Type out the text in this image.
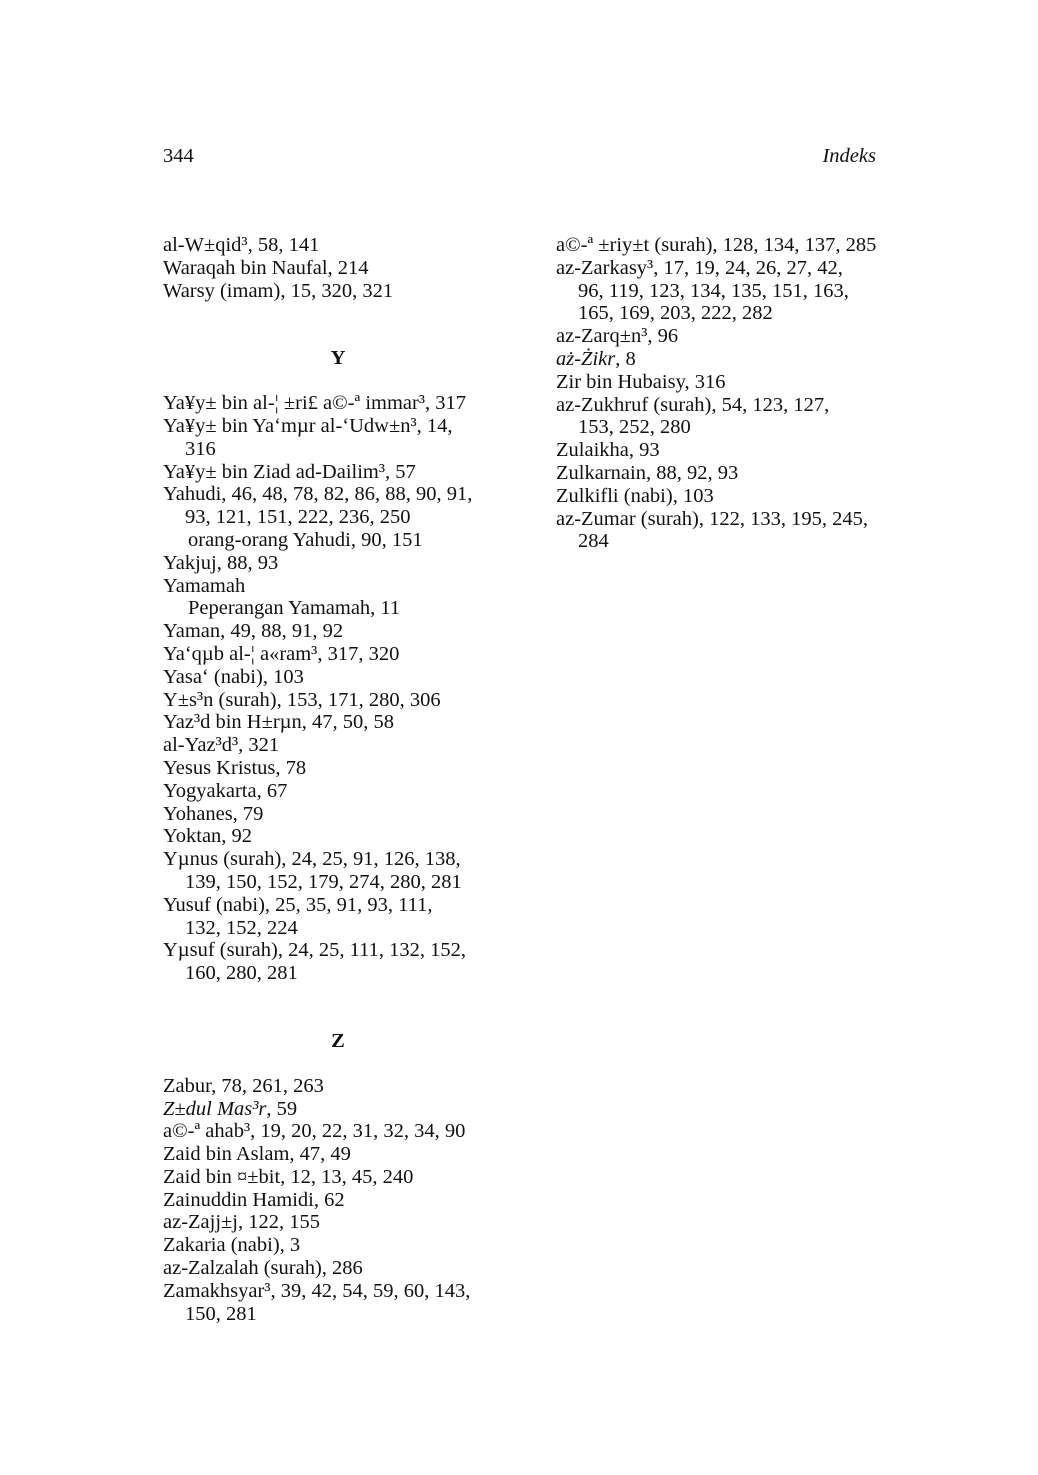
344	Indeks
al-W±qid³, 58, 141
Waraqah bin Naufal, 214
Warsy (imam), 15, 320, 321
Y
Ya¥y± bin al-¦ ±ri£ a©-ª immar³, 317
Ya¥y± bin Ya‘mµr al-‘Udw±n³, 14,
316
Ya¥y± bin Ziad ad-Dailim³, 57
Yahudi, 46, 48, 78, 82, 86, 88, 90, 91,
93, 121, 151, 222, 236, 250
orang-orang Yahudi, 90, 151
Yakjuj, 88, 93
Yamamah
Peperangan Yamamah, 11
Yaman, 49, 88, 91, 92
Ya‘qµb al-¦ a«ram³, 317, 320
Yasa‘ (nabi), 103
Y±s³n (surah), 153, 171, 280, 306
Yaz³d bin H±rµn, 47, 50, 58
al-Yaz³d³, 321
Yesus Kristus, 78
Yogyakarta, 67
Yohanes, 79
Yoktan, 92
Yµnus (surah), 24, 25, 91, 126, 138,
139, 150, 152, 179, 274, 280, 281
Yusuf (nabi), 25, 35, 91, 93, 111,
132, 152, 224
Yµsuf (surah), 24, 25, 111, 132, 152,
160, 280, 281
Z
Zabur, 78, 261, 263
Z±dul Mas³r, 59
a©-ª ahab³, 19, 20, 22, 31, 32, 34, 90
Zaid bin Aslam, 47, 49
Zaid bin ¤±bit, 12, 13, 45, 240
Zainuddin Hamidi, 62
az-Zajj±j, 122, 155
Zakaria (nabi), 3
az-Zalzalah (surah), 286
Zamakhsyar³, 39, 42, 54, 59, 60, 143,
150, 281
a©-ª ±riy±t (surah), 128, 134, 137, 285
az-Zarkasy³, 17, 19, 24, 26, 27, 42,
96, 119, 123, 134, 135, 151, 163,
165, 169, 203, 222, 282
az-Zarq±n³, 96
aż-Żikr, 8
Zir bin Hubaisy, 316
az-Zukhruf (surah), 54, 123, 127,
153, 252, 280
Zulaikha, 93
Zulkarnain, 88, 92, 93
Zulkifli (nabi), 103
az-Zumar (surah), 122, 133, 195, 245,
284
